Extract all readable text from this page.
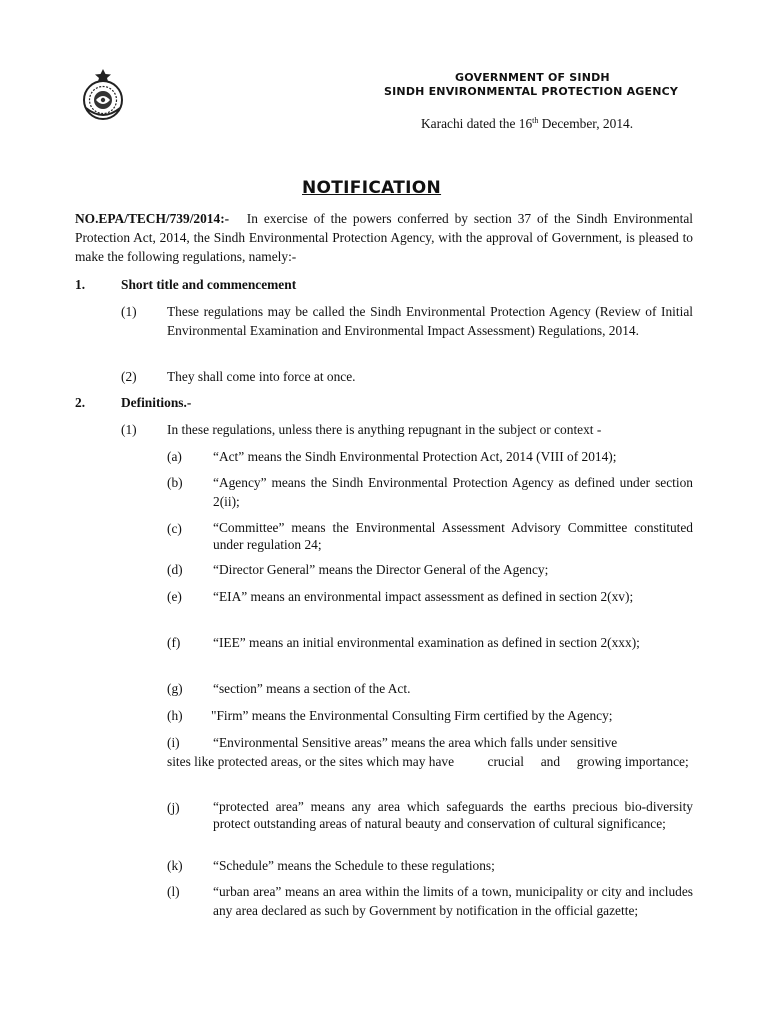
GOVERNMENT OF SINDH
SINDH ENVIRONMENTAL PROTECTION AGENCY
Karachi dated the 16th December, 2014.
NOTIFICATION
NO.EPA/TECH/739/2014:- In exercise of the powers conferred by section 37 of the Sindh Environmental Protection Act, 2014, the Sindh Environmental Protection Agency, with the approval of Government, is pleased to make the following regulations, namely:-
1.	Short title and commencement
(1) These regulations may be called the Sindh Environmental Protection Agency (Review of Initial Environmental Examination and Environmental Impact Assessment) Regulations, 2014.
(2) They shall come into force at once.
2.	Definitions.-
(1) In these regulations, unless there is anything repugnant in the subject or context -
(a) “Act” means the Sindh Environmental Protection Act, 2014 (VIII of 2014);
(b) “Agency” means the Sindh Environmental Protection Agency as defined under section 2(ii);
(c) “Committee” means the Environmental Assessment Advisory Committee constituted under regulation 24;
(d) “Director General” means the Director General of the Agency;
(e) “EIA” means an environmental impact assessment as defined in section 2(xv);
(f) “IEE” means an initial environmental examination as defined in section 2(xxx);
(g) “section” means a section of the Act.
(h) "Firm” means the Environmental Consulting Firm certified by the Agency;
(i) “Environmental Sensitive areas” means the area which falls under sensitive
sites like protected areas, or the sites which may have          crucial     and     growing importance;
(j) “protected area” means any area which safeguards the earths precious bio-diversity protect outstanding areas of natural beauty and conservation of cultural significance;
(k) “Schedule” means the Schedule to these regulations;
(l) “urban area” means an area within the limits of a town, municipality or city and includes any area declared as such by Government by notification in the official gazette;
